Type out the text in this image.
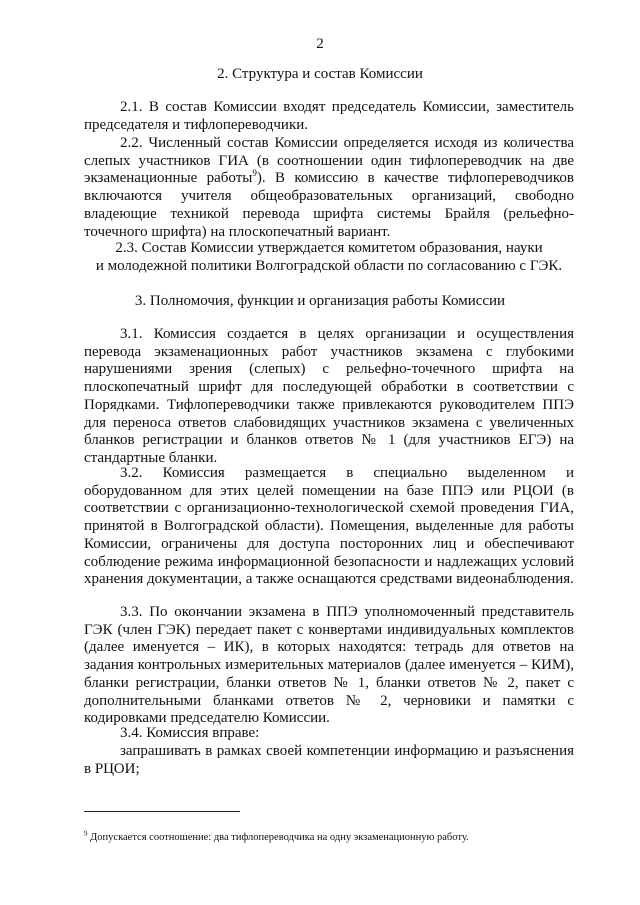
2
2. Структура и состав Комиссии

2.1. В состав Комиссии входят председатель Комиссии, заместитель председателя и тифлопереводчики.

2.2. Численный состав Комиссии определяется исходя из количества слепых участников ГИА (в соотношении один тифлопереводчик на две экзаменационные работы$^9$). В комиссию в качестве тифлопереводчиков включаются учителя общеобразовательных организаций, свободно владеющие техникой перевода шрифта системы Брайля (рельефно-точечного шрифта) на плоскопечатный вариант.

2.3. Состав Комиссии утверждается комитетом образования, науки
и молодежной политики Волгоградской области по согласованию с ГЭК.
3. Полномочия, функции и организация работы Комиссии

3.1. Комиссия создается в целях организации и осуществления перевода экзаменационных работ участников экзамена с глубокими нарушениями зрения (слепых) с рельефно-точечного шрифта на плоскопечатный шрифт для последующей обработки в соответствии с Порядками. Тифлопереводчики также привлекаются руководителем ППЭ для переноса ответов слабовидящих участников экзамена с увеличенных бланков регистрации и бланков ответов № 1 (для участников ЕГЭ) на стандартные бланки.

3.2. Комиссия размещается в специально выделенном и оборудованном для этих целей помещении на базе ППЭ или РЦОИ (в соответствии с организационно-технологической схемой проведения ГИА, принятой в Волгоградской области). Помещения, выделенные для работы Комиссии, ограничены для доступа посторонних лиц и обеспечивают соблюдение режима информационной безопасности и надлежащих условий хранения документации, а также оснащаются средствами видеонаблюдения.

3.3. По окончании экзамена в ППЭ уполномоченный представитель ГЭК (член ГЭК) передает пакет с конвертами индивидуальных комплектов (далее именуется – ИК), в которых находятся: тетрадь для ответов на задания контрольных измерительных материалов (далее именуется – КИМ), бланки регистрации, бланки ответов № 1, бланки ответов № 2, пакет с дополнительными бланками ответов № 2, черновики и памятки с кодировками председателю Комиссии.

3.4. Комиссия вправе:

запрашивать в рамках своей компетенции информацию и разъяснения в РЦОИ;

$^9$ Допускается соотношение: два тифлопереводчика на одну экзаменационную работу.
